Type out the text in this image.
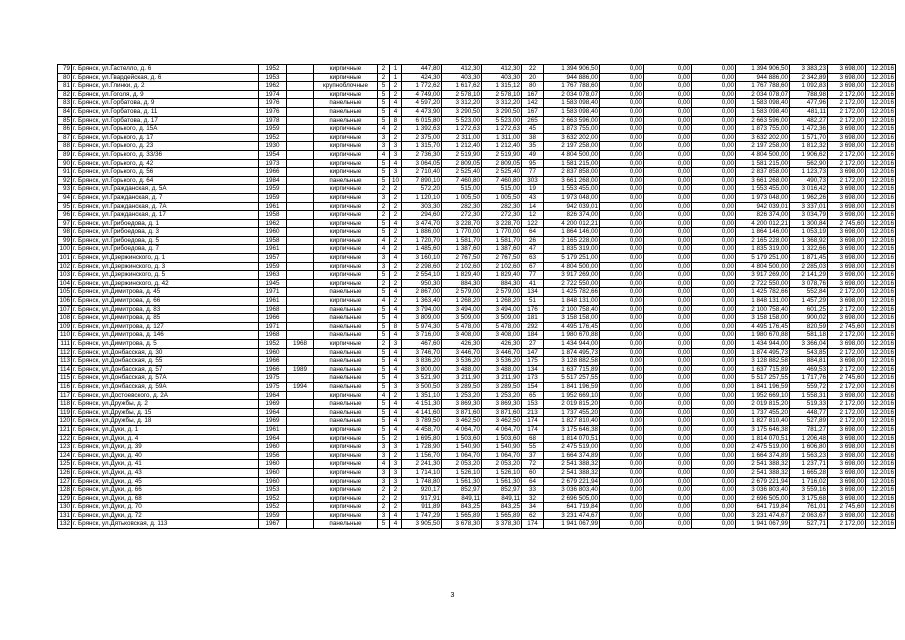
79	г. Брянск, ул.Гастелло, д. 6	1952		кирпичные	2	1	447,80	412,30	412,30	22	1 394 906,50	0,00	0,00	0,00	1 394 906,50	3 383,23	3 698,00	12.2016
80	г. Брянск, ул.Гвардейская, д. 6	1953		кирпичные	2	1	424,30	403,30	403,30	20	944 886,00	0,00	0,00	0,00	944 886,00	2 342,89	3 698,00	12.2016
81	г. Брянск, ул.Глинки, д. 2	1962		крупноблочные	5	2	1 772,62	1 617,62	1 315,12	80	1 767 788,60	0,00	0,00	0,00	1 767 788,60	1 092,83	3 698,00	12.2016
82	г. Брянск, ул.Гоголя, д. 9	1974		кирпичные	5	2	4 749,00	2 578,10	2 578,10	167	2 034 078,07	0,00	0,00	0,00	2 034 078,07	788,98	2 172,00	12.2016
83	г. Брянск, ул.Горбатова, д. 9	1976		панельные	5	4	4 597,20	3 312,20	3 312,20	142	1 583 098,40	0,00	0,00	0,00	1 583 098,40	477,96	2 172,00	12.2016
84	г. Брянск, ул.Горбатова, д. 11	1976		панельные	5	4	4 473,90	3 290,50	3 290,50	167	1 583 098,40	0,00	0,00	0,00	1 583 098,40	481,11	2 172,00	12.2016
85	г. Брянск, ул.Горбатова, д. 17	1978		панельные	5	8	6 015,80	5 523,00	5 523,00	265	2 663 596,00	0,00	0,00	0,00	2 663 596,00	482,27	2 172,00	12.2016
86	г. Брянск, ул.Горького, д. 15А	1959		кирпичные	4	2	1 392,63	1 272,63	1 272,63	45	1 873 755,00	0,00	0,00	0,00	1 873 755,00	1 472,36	3 698,00	12.2016
87	г. Брянск, ул.Горького, д. 17	1952		кирпичные	3	2	2 375,00	2 311,00	1 311,00	38	3 632 202,00	0,00	0,00	0,00	3 632 202,00	1 571,70	3 698,00	12.2016
88	г. Брянск, ул.Горького, д. 23	1930		кирпичные	3	3	1 315,70	1 212,40	1 212,40	35	2 197 258,00	0,00	0,00	0,00	2 197 258,00	1 812,32	3 698,00	12.2016
89	г. Брянск, ул.Горького, д. 33/36	1954		кирпичные	4	3	2 736,30	2 519,90	2 519,90	49	4 804 500,00	0,00	0,00	0,00	4 804 500,00	1 906,62	2 172,00	12.2016
90	г. Брянск, ул.Горького, д. 42	1973		кирпичные	5	4	3 064,05	2 809,05	2 809,05	95	1 581 215,00	0,00	0,00	0,00	1 581 215,00	562,90	2 172,00	12.2016
91	г. Брянск, ул.Горького, д. 56	1966		кирпичные	5	3	2 710,40	2 525,40	2 525,40	77	2 837 858,00	0,00	0,00	0,00	2 837 858,00	1 123,73	3 698,00	12.2016
92	г. Брянск, ул.Горького, д. 64	1984		панельные	5	10	7 890,10	7 460,80	7 460,80	303	3 661 268,00	0,00	0,00	0,00	3 661 268,00	490,73	2 172,00	12.2016
93	г. Брянск, ул.Гражданская, д. 5А	1959		кирпичные	2	2	572,20	515,00	515,00	19	1 553 455,00	0,00	0,00	0,00	1 553 455,00	3 016,42	3 698,00	12.2016
94	г. Брянск, ул.Гражданская, д. 7	1959		кирпичные	3	2	1 120,10	1 005,50	1 005,50	43	1 973 048,00	0,00	0,00	0,00	1 973 048,00	1 962,26	3 698,00	12.2016
95	г. Брянск, ул.Гражданская, д. 7А	1961		кирпичные	2	2	303,30	282,30	282,30	14	942 039,01	0,00	0,00	0,00	942 039,01	3 337,01	3 698,00	12.2016
96	г. Брянск, ул.Гражданская, д. 17	1958		кирпичные	2	2	294,60	272,30	272,30	12	826 374,00	0,00	0,00	0,00	826 374,00	3 034,79	3 698,00	12.2016
97	г. Брянск, ул.Грибоедова, д. 1	1962		кирпичные	5	4	3 474,70	3 228,70	3 228,70	122	4 200 012,21	0,00	0,00	0,00	4 200 012,21	1 300,84	2 745,60	12.2016
98	г. Брянск, ул.Грибоедова, д. 3	1960		кирпичные	5	2	1 886,00	1 770,00	1 770,00	64	1 864 146,00	0,00	0,00	0,00	1 864 146,00	1 053,19	3 698,00	12.2016
99	г. Брянск, ул.Грибоедова, д. 5	1958		кирпичные	4	2	1 720,70	1 581,70	1 581,70	26	2 165 228,00	0,00	0,00	0,00	2 165 228,00	1 368,92	3 698,00	12.2016
100	г. Брянск, ул.Грибоедова, д. 7	1961		кирпичные	4	2	1 485,60	1 387,60	1 387,60	47	1 835 319,00	0,00	0,00	0,00	1 835 319,00	1 322,66	3 698,00	12.2016
101	г. Брянск, ул.Дзержинского, д. 1	1957		кирпичные	3	4	3 160,10	2 767,50	2 767,50	63	5 179 251,00	0,00	0,00	0,00	5 179 251,00	1 871,45	3 698,00	12.2016
102	г. Брянск, ул.Дзержинского, д. 3	1959		кирпичные	3	2	2 298,60	2 102,60	2 102,60	67	4 804 500,00	0,00	0,00	0,00	4 804 500,00	2 285,03	3 698,00	12.2016
103	г. Брянск, ул.Дзержинского, д. 5	1963		кирпичные	5	2	2 554,10	1 829,40	1 829,40	77	3 917 269,00	0,00	0,00	0,00	3 917 269,00	2 141,29	3 698,00	12.2016
104	г. Брянск, ул.Дзержинского, д. 42	1945		кирпичные	2	2	950,30	884,30	884,30	41	2 722 550,00	0,00	0,00	0,00	2 722 550,00	3 078,76	3 698,00	12.2016
105	г. Брянск, ул.Димитрова, д. 45	1971		панельные	5	4	2 867,00	2 579,00	2 579,00	134	1 425 782,66	0,00	0,00	0,00	1 425 782,66	552,84	2 172,00	12.2016
106	г. Брянск, ул.Димитрова, д. 66	1961		кирпичные	4	2	1 363,40	1 268,20	1 268,20	51	1 848 131,00	0,00	0,00	0,00	1 848 131,00	1 457,29	3 698,00	12.2016
107	г. Брянск, ул.Димитрова, д. 83	1968		панельные	5	4	3 794,00	3 494,00	3 494,00	176	2 100 758,40	0,00	0,00	0,00	2 100 758,40	601,25	2 172,00	12.2016
108	г. Брянск, ул.Димитрова, д. 85	1966		панельные	5	4	3 809,00	3 509,00	3 509,00	181	3 158 158,00	0,00	0,00	0,00	3 158 158,00	900,02	3 698,00	12.2016
109	г. Брянск, ул.Димитрова, д. 127	1971		панельные	5	8	5 974,30	5 478,00	5 478,00	292	4 495 176,45	0,00	0,00	0,00	4 495 176,45	820,59	2 745,60	12.2016
110	г. Брянск, ул.Димитрова, д. 146	1968		панельные	5	4	3 716,00	3 408,00	3 408,00	184	1 980 670,88	0,00	0,00	0,00	1 980 670,88	581,18	2 172,00	12.2016
111	г. Брянск, ул.Димитрова, д. 5	1952	1968	кирпичные	2	3	467,60	426,30	426,30	27	1 434 944,00	0,00	0,00	0,00	1 434 944,00	3 366,04	3 698,00	12.2016
112	г. Брянск, ул.Донбасская, д. 30	1960		панельные	5	4	3 746,70	3 446,70	3 446,70	147	1 874 495,73	0,00	0,00	0,00	1 874 495,73	543,85	2 172,00	12.2016
113	г. Брянск, ул.Донбасская, д. 55	1966		панельные	5	4	3 836,20	3 536,20	3 536,20	175	3 128 882,58	0,00	0,00	0,00	3 128 882,58	884,81	3 698,00	12.2016
114	г. Брянск, ул.Донбасская, д. 57	1966	1989	панельные	5	4	3 800,00	3 488,00	3 488,00	134	1 637 715,89	0,00	0,00	0,00	1 637 715,89	469,53	2 172,00	12.2016
115	г. Брянск, ул.Донбасская, д. 57А	1975		панельные	5	4	3 521,90	3 211,90	3 211,90	173	5 517 257,55	0,00	0,00	0,00	5 517 257,55	1 717,76	2 745,60	12.2016
116	г. Брянск, ул.Донбасская, д. 59А	1975	1994	панельные	5	3	3 500,50	3 289,50	3 289,50	154	1 841 196,59	0,00	0,00	0,00	1 841 196,59	559,72	2 172,00	12.2016
117	г. Брянск, ул.Достоевского, д. 2А	1964		кирпичные	4	2	1 351,10	1 253,20	1 253,20	65	1 952 669,10	0,00	0,00	0,00	1 952 669,10	1 558,31	3 698,00	12.2016
118	г. Брянск, ул.Дружбы, д. 2	1969		панельные	5	4	4 151,30	3 869,30	3 869,30	153	2 019 815,20	0,00	0,00	0,00	2 019 815,20	519,33	2 172,00	12.2016
119	г. Брянск, ул.Дружбы, д. 15	1964		панельные	5	4	4 141,60	3 871,60	3 871,60	213	1 737 455,20	0,00	0,00	0,00	1 737 455,20	448,77	2 172,00	12.2016
120	г. Брянск, ул.Дружбы, д. 18	1969		панельные	5	4	3 789,50	3 462,50	3 462,50	174	1 827 810,40	0,00	0,00	0,00	1 827 810,40	527,89	2 172,00	12.2016
121	г. Брянск, ул.Дуки, д. 1	1961		кирпичные	5	4	4 458,70	4 064,70	4 064,70	174	3 175 646,38	0,00	0,00	0,00	3 175 646,38	781,27	3 698,00	12.2016
122	г. Брянск, ул.Дуки, д. 4	1964		кирпичные	5	2	1 695,80	1 503,60	1 503,60	68	1 814 070,51	0,00	0,00	0,00	1 814 070,51	1 206,48	3 698,00	12.2016
123	г. Брянск, ул.Дуки, д. 39	1960		кирпичные	3	3	1 728,90	1 540,90	1 540,90	55	2 475 519,00	0,00	0,00	0,00	2 475 519,00	1 606,80	3 698,00	12.2016
124	г. Брянск, ул.Дуки, д. 40	1956		кирпичные	3	2	1 156,70	1 064,70	1 064,70	37	1 664 374,89	0,00	0,00	0,00	1 664 374,89	1 563,23	3 698,00	12.2016
125	г. Брянск, ул.Дуки, д. 41	1960		кирпичные	4	3	2 241,30	2 053,20	2 053,20	72	2 541 388,32	0,00	0,00	0,00	2 541 388,32	1 237,71	3 698,00	12.2016
126	г. Брянск, ул.Дуки, д. 43	1960		кирпичные	3	3	1 714,10	1 526,10	1 526,10	60	2 541 388,32	0,00	0,00	0,00	2 541 388,32	1 665,28	3 698,00	12.2016
127	г. Брянск, ул.Дуки, д. 45	1960		кирпичные	3	3	1 748,80	1 561,30	1 561,30	64	2 679 221,94	0,00	0,00	0,00	2 679 221,94	1 716,02	3 698,00	12.2016
128	г. Брянск, ул.Дуки, д. 66	1953		кирпичные	2	2	920,17	852,97	852,97	33	3 036 803,40	0,00	0,00	0,00	3 036 803,40	3 559,16	3 698,00	12.2016
129	г. Брянск, ул.Дуки, д. 68	1952		кирпичные	2	2	917,91	849,11	849,11	32	2 696 505,00	0,00	0,00	0,00	2 696 505,00	3 175,68	3 698,00	12.2016
130	г. Брянск, ул.Дуки, д. 70	1952		кирпичные	2	2	911,89	843,25	843,25	34	641 719,84	0,00	0,00	0,00	641 719,84	761,01	2 745,60	12.2016
131	г. Брянск, ул.Дуки, д. 72	1959		кирпичные	3	4	1 747,29	1 565,89	1 565,89	62	3 231 474,67	0,00	0,00	0,00	3 231 474,67	2 063,67	3 698,00	12.2016
132	г. Брянск, ул.Дятьковская, д. 113	1967		панельные	5	4	3 905,50	3 678,30	3 378,30	174	1 941 067,99	0,00	0,00	0,00	1 941 067,99	527,71	2 172,00	12.2016
3
